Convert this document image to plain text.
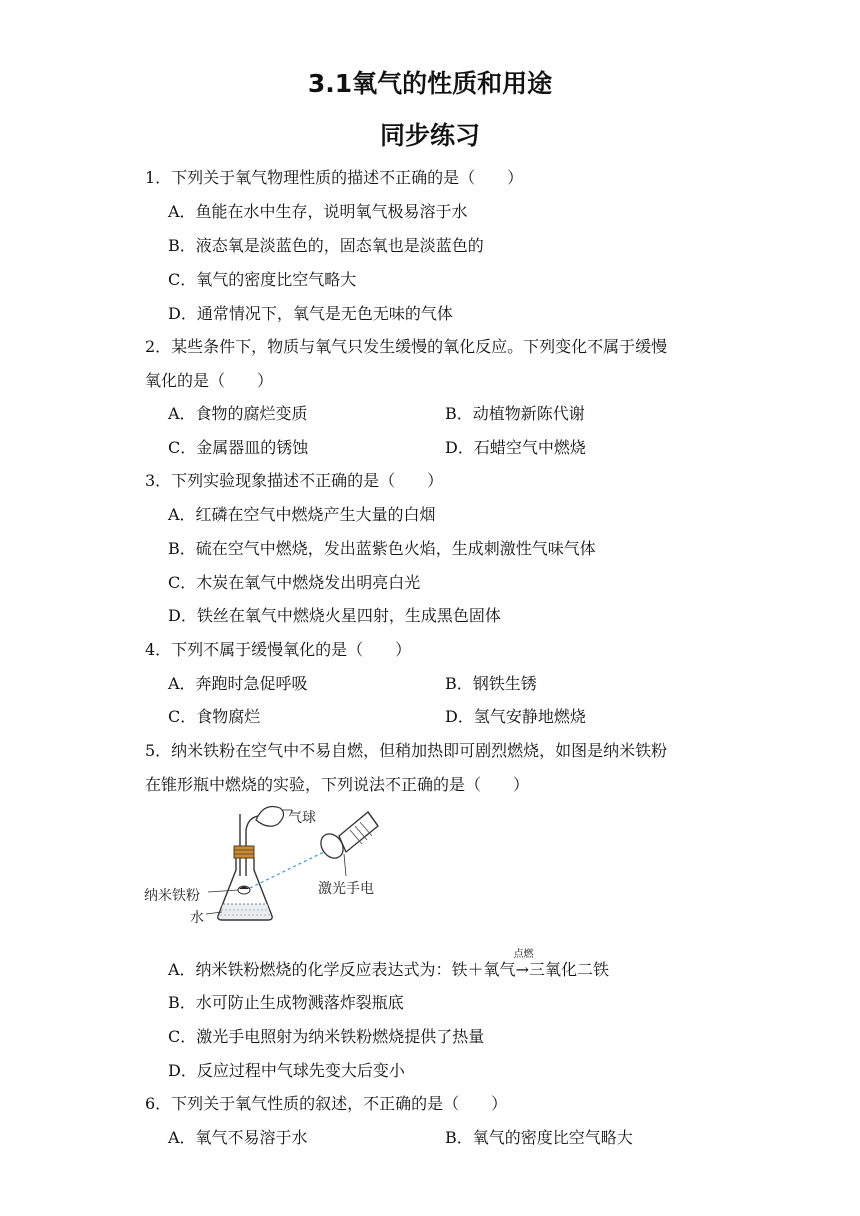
3.1氧气的性质和用途
同步练习
1．下列关于氧气物理性质的描述不正确的是（　　）
A．鱼能在水中生存，说明氧气极易溶于水
B．液态氧是淡蓝色的，固态氧也是淡蓝色的
C．氧气的密度比空气略大
D．通常情况下，氧气是无色无味的气体
2．某些条件下，物质与氧气只发生缓慢的氧化反应。下列变化不属于缓慢
氧化的是（　　）
A．食物的腐烂变质	B．动植物新陈代谢
C．金属器皿的锈蚀	D．石蜡空气中燃烧
3．下列实验现象描述不正确的是（　　）
A．红磷在空气中燃烧产生大量的白烟
B．硫在空气中燃烧，发出蓝紫色火焰，生成刺激性气味气体
C．木炭在氧气中燃烧发出明亮白光
D．铁丝在氧气中燃烧火星四射，生成黑色固体
4．下列不属于缓慢氧化的是（　　）
A．奔跑时急促呼吸	B．钢铁生锈
C．食物腐烂	D．氢气安静地燃烧
5．纳米铁粉在空气中不易自燃，但稍加热即可剧烈燃烧，如图是纳米铁粉
在锥形瓶中燃烧的实验，下列说法不正确的是（　　）
气球
激光手电
纳米铁粉
水
A．纳米铁粉燃烧的化学反应表达式为：铁＋氧气
点燃
→三氧化二铁
B．水可防止生成物溅落炸裂瓶底
C．激光手电照射为纳米铁粉燃烧提供了热量
D．反应过程中气球先变大后变小
6．下列关于氧气性质的叙述，不正确的是（　　）
A．氧气不易溶于水	B．氧气的密度比空气略大
